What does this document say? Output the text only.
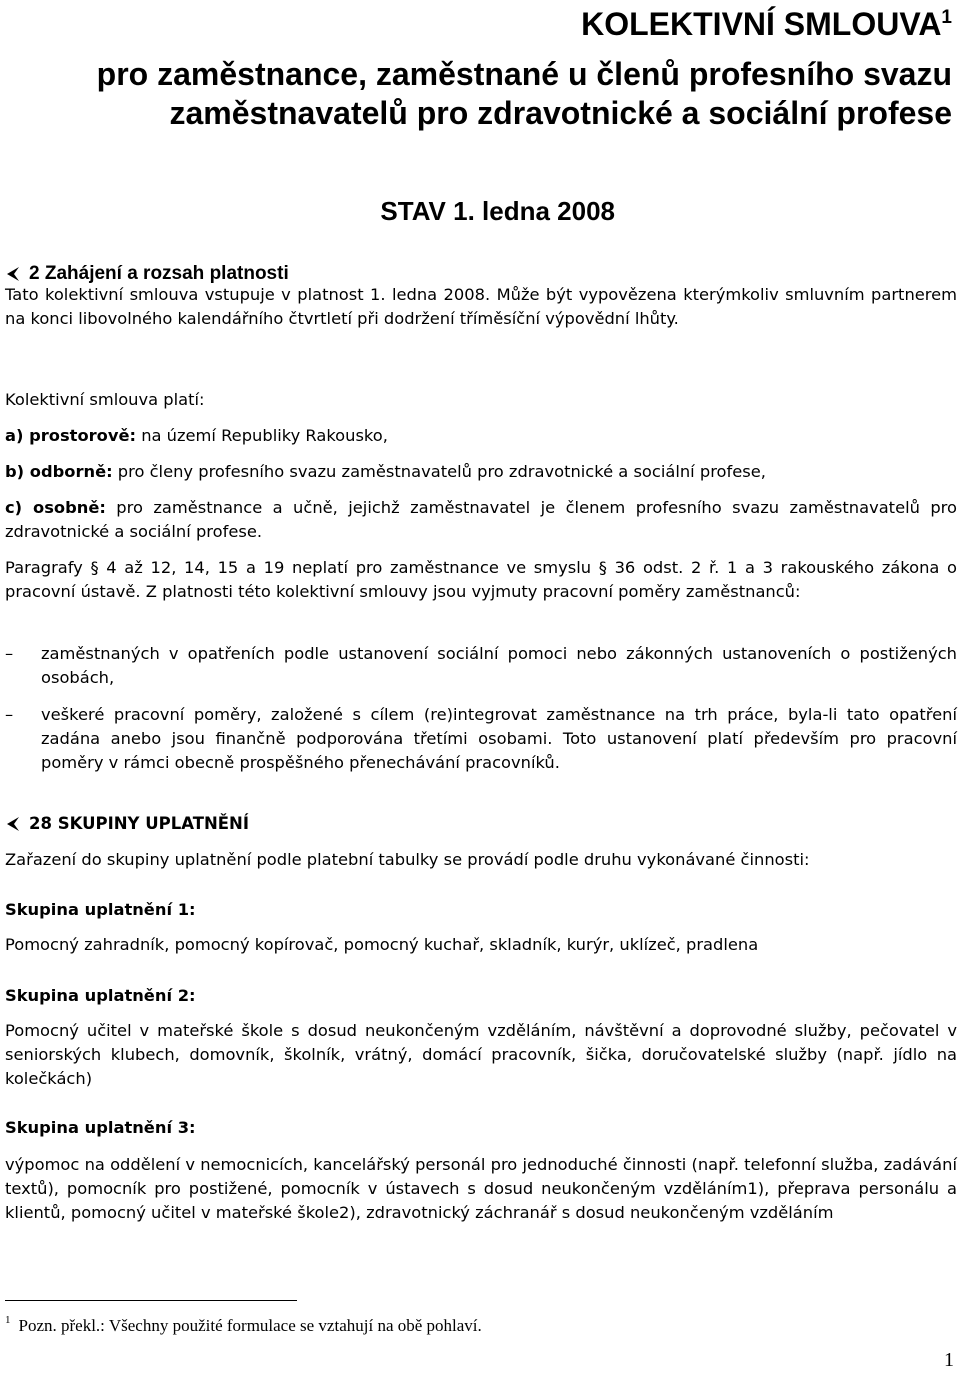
KOLEKTIVNÍ SMLOUVA$^1$
pro zaměstnance, zaměstnané u členů profesního svazu zaměstnavatelů pro zdravotnické a sociální profese
STAV 1. ledna 2008
2 Zahájení a rozsah platnosti
Tato kolektivní smlouva vstupuje v platnost 1. ledna 2008. Může být vypovězena kterýmkoliv smluvním partnerem na konci libovolného kalendářního čtvrtletí při dodržení tříměsíční výpovědní lhůty.
Kolektivní smlouva platí:
a) prostorově: na území Republiky Rakousko,
b) odborně: pro členy profesního svazu zaměstnavatelů pro zdravotnické a sociální profese,
c) osobně: pro zaměstnance a učně, jejichž zaměstnavatel je členem profesního svazu zaměstnavatelů pro zdravotnické a sociální profese.
Paragrafy § 4 až 12, 14, 15 a 19 neplatí pro zaměstnance ve smyslu § 36 odst. 2 ř. 1 a 3 rakouského zákona o pracovní ústavě. Z platnosti této kolektivní smlouvy jsou vyjmuty pracovní poměry zaměstnanců:
–	zaměstnaných v opatřeních podle ustanovení sociální pomoci nebo zákonných ustanoveních o postižených osobách,
–	veškeré pracovní poměry, založené s cílem (re)integrovat zaměstnance na trh práce, byla-li tato opatření zadána anebo jsou finančně podporována třetími osobami. Toto ustanovení platí především pro pracovní poměry v rámci obecně prospěšného přenechávání pracovníků.
28 SKUPINY UPLATNĚNÍ
Zařazení do skupiny uplatnění podle platební tabulky se provádí podle druhu vykonávané činnosti:
Skupina uplatnění 1:
Pomocný zahradník, pomocný kopírovač, pomocný kuchař, skladník, kurýr, uklízeč, pradlena
Skupina uplatnění 2:
Pomocný učitel v mateřské škole s dosud neukončeným vzděláním, návštěvní a doprovodné služby, pečovatel v seniorských klubech, domovník, školník, vrátný, domácí pracovník, šička, doručovatelské služby (např. jídlo na kolečkách)
Skupina uplatnění 3:
výpomoc na oddělení v nemocnicích, kancelářský personál pro jednoduché činnosti (např. telefonní služba, zadávání textů), pomocník pro postižené, pomocník v ústavech s dosud neukončeným vzděláním1), přeprava personálu a klientů, pomocný učitel v mateřské škole2), zdravotnický záchranář s dosud neukončeným vzděláním
$^1$ Pozn. překl.: Všechny použité formulace se vztahují na obě pohlaví.
1
